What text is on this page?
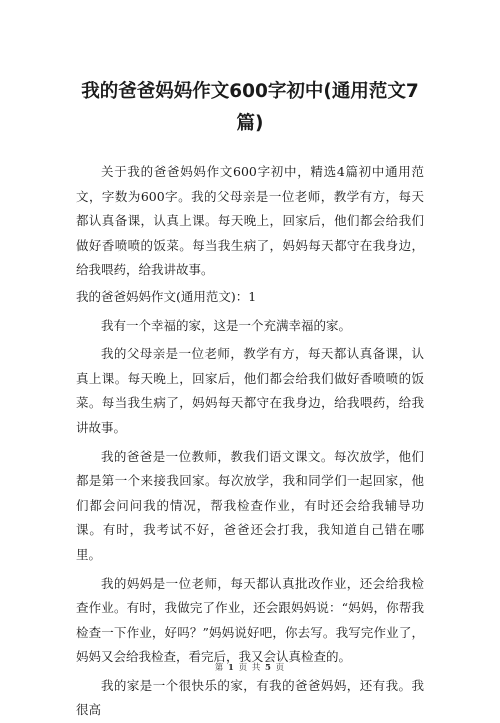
我的爸爸妈妈作文600字初中(通用范文7篇)

关于我的爸爸妈妈作文600字初中，精选4篇初中通用范文，字数为600字。我的父母亲是一位老师，教学有方，每天都认真备课，认真上课。每天晚上，回家后，他们都会给我们做好香喷喷的饭菜。每当我生病了，妈妈每天都守在我身边，给我喂药，给我讲故事。

我的爸爸妈妈作文(通用范文)：1

我有一个幸福的家，这是一个充满幸福的家。

我的父母亲是一位老师，教学有方，每天都认真备课，认真上课。每天晚上，回家后，他们都会给我们做好香喷喷的饭菜。每当我生病了，妈妈每天都守在我身边，给我喂药，给我讲故事。

我的爸爸是一位教师，教我们语文课文。每次放学，他们都是第一个来接我回家。每次放学，我和同学们一起回家，他们都会问问我的情况，帮我检查作业，有时还会给我辅导功课。有时，我考试不好，爸爸还会打我，我知道自己错在哪里。

我的妈妈是一位老师，每天都认真批改作业，还会给我检查作业。有时，我做完了作业，还会跟妈妈说：“妈妈，你帮我检查一下作业，好吗？”妈妈说好吧，你去写。我写完作业了，妈妈又会给我检查，看完后，我又会认真检查的。

我的家是一个很快乐的家，有我的爸爸妈妈，还有我。我很高

第 1 页 共 5 页
